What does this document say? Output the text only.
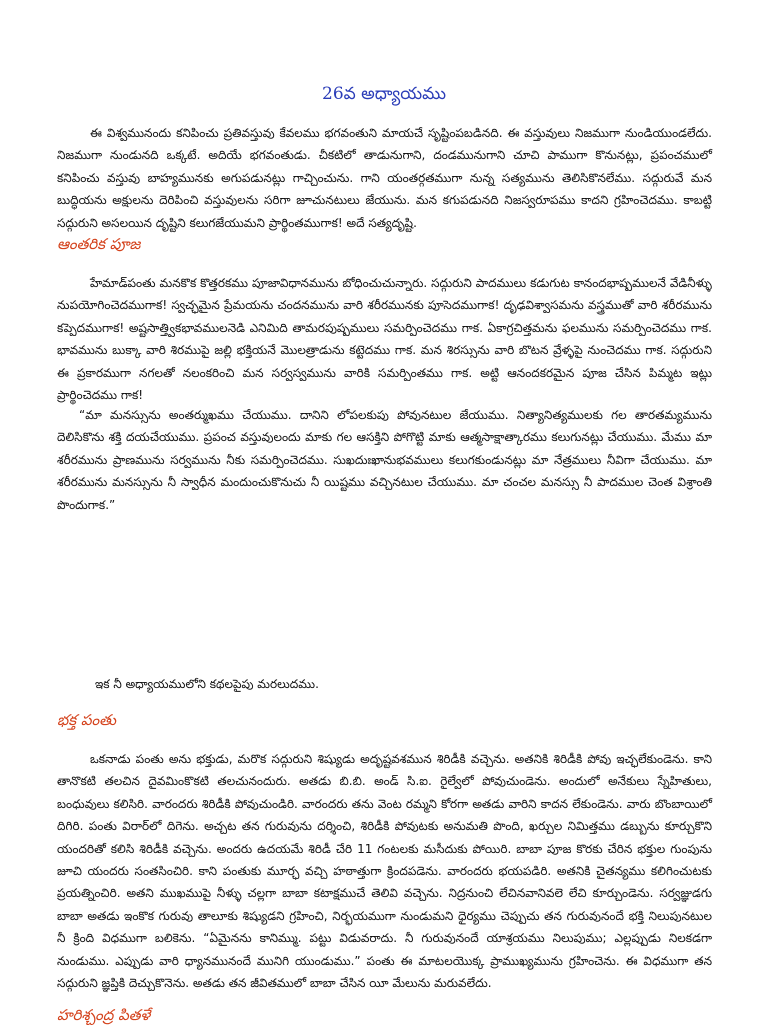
26వ అధ్యాయము
ఈ విశ్వమునందు కనిపించు ప్రతివస్తువు కేవలము భగవంతుని మాయచే సృష్టింపబడినది. ఈ వస్తువులు నిజముగా నుండియుండలేదు. నిజముగా నుండునది ఒక్కటే. అదియే భగవంతుడు. చీకటిలో తాడునుగాని, దండమునుగాని చూచి పాముగా కొనునట్లు, ప్రపంచములో కనిపించు వస్తువు బాహ్యమునకు అగుపడునట్లు గాచ్చించును. గాని యంతర్గతముగా నున్న సత్యమును తెలిసికొనలేము. సద్గురువే మన బుద్ధియను అక్షులను దెరిపించి వస్తువులను సరిగా జూచునటులు జేయును. మన కగుపడునది నిజస్వరూపము కాదని గ్రహించెదము. కాబట్టి సద్గురుని అసలయిన దృష్టిని కలుగజేయుమని ప్రార్థింతముగాక! అదే సత్యదృష్టి.
ఆంతరిక పూజ
హేమాడ్‌పంతు మనకొక కొత్తరకము పూజావిధానమును బోధించుచున్నారు. సద్గురుని పాదములు కడుగుట కానందభాష్పములనే వేడినీళ్ళు నుపయోగించెదముగాక! స్వచ్ఛమైన ప్రేమయను చందనమును వారి శరీరమునకు పూసెదముగాక! దృఢవిశ్వాసమను వస్త్రముతో వారి శరీరమును కప్పెదముగాక! అష్టసాత్త్వికభావములనెడి ఎనిమిది తామరపుష్పములు సమర్పించెదము గాక. ఏకాగ్రచిత్తమను ఫలమును సమర్పించెదము గాక. భావమును బుక్కా వారి శిరముపై జల్లి భక్తియనే మొలత్రాడును కట్టెదము గాక. మన శిరస్సును వారి బొటన వ్రేళ్ళపై నుంచెదము గాక. సద్గురుని ఈ ప్రకారముగా నగలతో నలంకరించి మన సర్వస్వమును వారికి సమర్పింతము గాక. అట్టి ఆనందకరమైన పూజ చేసిన పిమ్మట ఇట్లు ప్రార్థించెదము గాక!
“మా మనస్సును అంతర్ముఖము చేయుము. దానిని లోపలకుపు పోవునటుల జేయుము. నిత్యానిత్యములకు గల తారతమ్యమును దెలిసికొను శక్తి దయచేయుము. ప్రపంచ వస్తువులందు మాకు గల ఆసక్తిని పోగొట్టి మాకు ఆత్మసాక్షాత్కారము కలుగునట్లు చేయుము. మేము మా శరీరమును ప్రాణమును సర్వమును నీకు సమర్పించెదము. సుఖదుఃఖానుభవములు కలుగకుండునట్లు మా నేత్రములు నీవిగా చేయుము. మా శరీరమును మనస్సును నీ స్వాధీన మందుంచుకొనుచు నీ యిష్టము వచ్చినటుల చేయుము. మా చంచల మనస్సు నీ పాదముల చెంత విశ్రాంతి పొందుగాక.”
ఇక నీ అధ్యాయములోని కథలపైపు మరలుదము.
భక్త పంతు
ఒకనాడు పంతు అను భక్తుడు, మరొక సద్గురుని శిష్యుడు అదృష్టవశమున శిరిడీకి వచ్చెను. అతనికి శిరిడీకి పోవు ఇచ్ఛలేకుండెను. కాని తానొకటి తలచిన దైవమింకొకటి తలచునందురు. అతడు బి.బి. అండ్ సి.ఐ. రైల్వేలో పోవుచుండెను. అందులో అనేకులు స్నేహితులు, బంధువులు కలిసిరి. వారందరు శిరిడీకి పోవుచుండిరి. వారందరు తను వెంట రమ్మని కోరగా అతడు వారిని కాదన లేకుండెను. వారు బొంబాయిలో దిగిరి. పంతు విరార్‌లో దిగెను. అచ్చట తన గురువును దర్శించి, శిరిడీకి పోవుటకు అనుమతి పొంది, ఖర్చుల నిమిత్తము డబ్బును కూర్చుకొని యందరితో కలిసి శిరిడీకి వచ్చెను. అందరు ఉదయమే శిరిడీ చేరి 11 గంటలకు మసీదుకు పోయిరి. బాబా పూజ కొరకు చేరిన భక్తుల గుంపును జూచి యందరు సంతసించిరి. కాని పంతుకు మూర్ఛ వచ్చి హఠాత్తుగా క్రిందపడెను. వారందరు భయపడిరి. అతనికి చైతన్యము కలిగించుటకు ప్రయత్నించిరి. అతని ముఖముపై నీళ్ళు చల్లగా బాబా కటాక్షముచే తెలివి వచ్చెను. నిద్రనుంచి లేచినవానివలె లేచి కూర్చుండెను. సర్వజ్ఞుడగు బాబా అతడు ఇంకొక గురువు తాలూకు శిష్యుడని గ్రహించి, నిర్భయముగా నుండుమని ధైర్యము చెప్పుచు తన గురువునందే భక్తి నిలుపునటుల నీ క్రింది విధముగా బలికెను. “ఏమైనను కానిమ్ము. పట్టు విడువరాదు. నీ గురువునందే యాశ్రయము నిలుపుము; ఎల్లప్పుడు నిలకడగా నుండుము. ఎప్పుడు వారి ధ్యానమునందే మునిగి యుండుము.” పంతు ఈ మాటలయొక్క ప్రాముఖ్యమును గ్రహించెను. ఈ విధముగా తన సద్గురుని జ్ఞప్తికి దెచ్చుకొనెను. అతడు తన జీవితములో బాబా చేసిన యీ మేలును మరువలేదు.
హరిశ్చంద్ర పితళే
